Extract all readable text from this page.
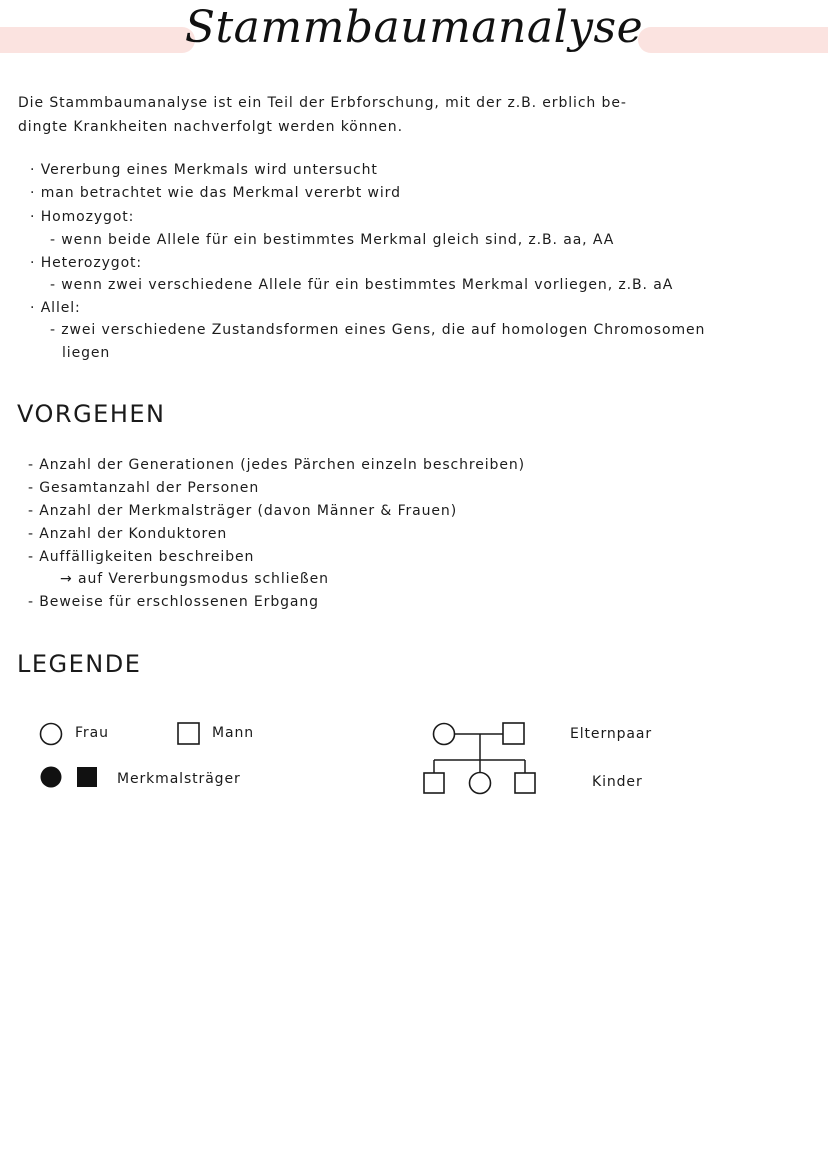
Stammbaumanalyse
Die Stammbaumanalyse ist ein Teil der Erbforschung, mit der z.B. erblich be-
dingte Krankheiten nachverfolgt werden können.
· Vererbung eines Merkmals wird untersucht
· man betrachtet wie das Merkmal vererbt wird
· Homozygot:
- wenn beide Allele für ein bestimmtes Merkmal gleich sind, z.B. aa, AA
· Heterozygot:
- wenn zwei verschiedene Allele für ein bestimmtes Merkmal vorliegen, z.B. aA
· Allel:
- zwei verschiedene Zustandsformen eines Gens, die auf homologen Chromosomen
liegen
VORGEHEN
- Anzahl der Generationen (jedes Pärchen einzeln beschreiben)
- Gesamtanzahl der Personen
- Anzahl der Merkmalsträger (davon Männer & Frauen)
- Anzahl der Konduktoren
- Auffälligkeiten beschreiben
→ auf Vererbungsmodus schließen
- Beweise für erschlossenen Erbgang
LEGENDE
Frau	Mann
Merkmalsträger
Elternpaar
Kinder
